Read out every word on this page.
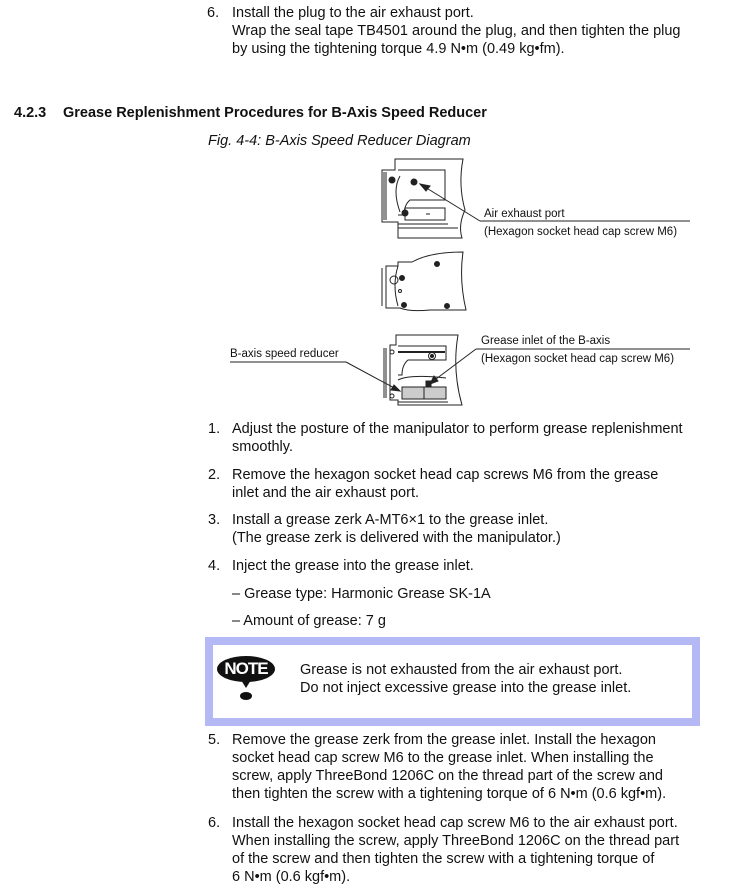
6. Install the plug to the air exhaust port.
Wrap the seal tape TB4501 around the plug, and then tighten the plug
by using the tightening torque 4.9 N•m (0.49 kg•fm).
4.2.3 Grease Replenishment Procedures for B-Axis Speed Reducer
Fig. 4-4: B-Axis Speed Reducer Diagram
Air exhaust port
(Hexagon socket head cap screw M6)
Grease inlet of the B-axis
(Hexagon socket head cap screw M6)
B-axis speed reducer
1. Adjust the posture of the manipulator to perform grease replenishment
smoothly.
2. Remove the hexagon socket head cap screws M6 from the grease
inlet and the air exhaust port.
3. Install a grease zerk A-MT6×1 to the grease inlet.
(The grease zerk is delivered with the manipulator.)
4. Inject the grease into the grease inlet.
– Grease type: Harmonic Grease SK-1A
– Amount of grease: 7 g
NOTE	Grease is not exhausted from the air exhaust port.
Do not inject excessive grease into the grease inlet.
5. Remove the grease zerk from the grease inlet. Install the hexagon
socket head cap screw M6 to the grease inlet. When installing the
screw, apply ThreeBond 1206C on the thread part of the screw and
then tighten the screw with a tightening torque of 6 N•m (0.6 kgf•m).
6. Install the hexagon socket head cap screw M6 to the air exhaust port.
When installing the screw, apply ThreeBond 1206C on the thread part
of the screw and then tighten the screw with a tightening torque of
6 N•m (0.6 kgf•m).
